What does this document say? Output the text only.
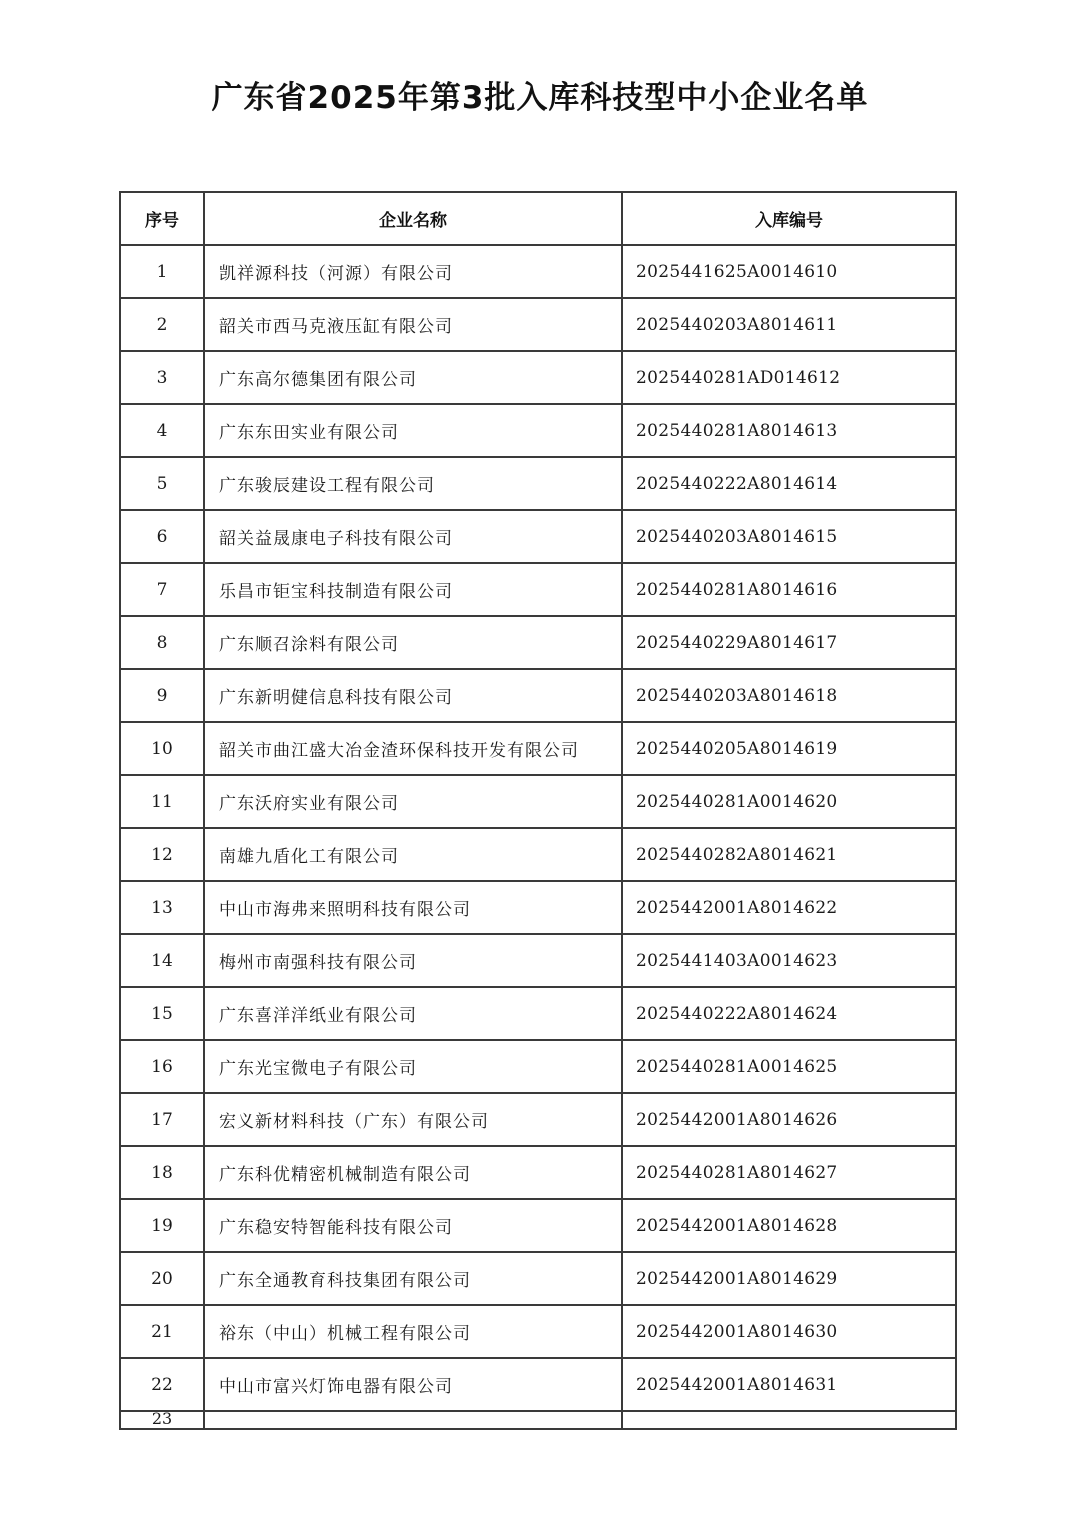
广东省2025年第3批入库科技型中小企业名单
序号	企业名称	入库编号
1	凯祥源科技（河源）有限公司	2025441625A0014610
2	韶关市西马克液压缸有限公司	2025440203A8014611
3	广东高尔德集团有限公司	2025440281AD014612
4	广东东田实业有限公司	2025440281A8014613
5	广东骏辰建设工程有限公司	2025440222A8014614
6	韶关益晟康电子科技有限公司	2025440203A8014615
7	乐昌市钜宝科技制造有限公司	2025440281A8014616
8	广东顺召涂料有限公司	2025440229A8014617
9	广东新明健信息科技有限公司	2025440203A8014618
10	韶关市曲江盛大冶金渣环保科技开发有限公司	2025440205A8014619
11	广东沃府实业有限公司	2025440281A0014620
12	南雄九盾化工有限公司	2025440282A8014621
13	中山市海弗来照明科技有限公司	2025442001A8014622
14	梅州市南强科技有限公司	2025441403A0014623
15	广东喜洋洋纸业有限公司	2025440222A8014624
16	广东光宝微电子有限公司	2025440281A0014625
17	宏义新材料科技（广东）有限公司	2025442001A8014626
18	广东科优精密机械制造有限公司	2025440281A8014627
19	广东稳安特智能科技有限公司	2025442001A8014628
20	广东全通教育科技集团有限公司	2025442001A8014629
21	裕东（中山）机械工程有限公司	2025442001A8014630
22	中山市富兴灯饰电器有限公司	2025442001A8014631
23		
